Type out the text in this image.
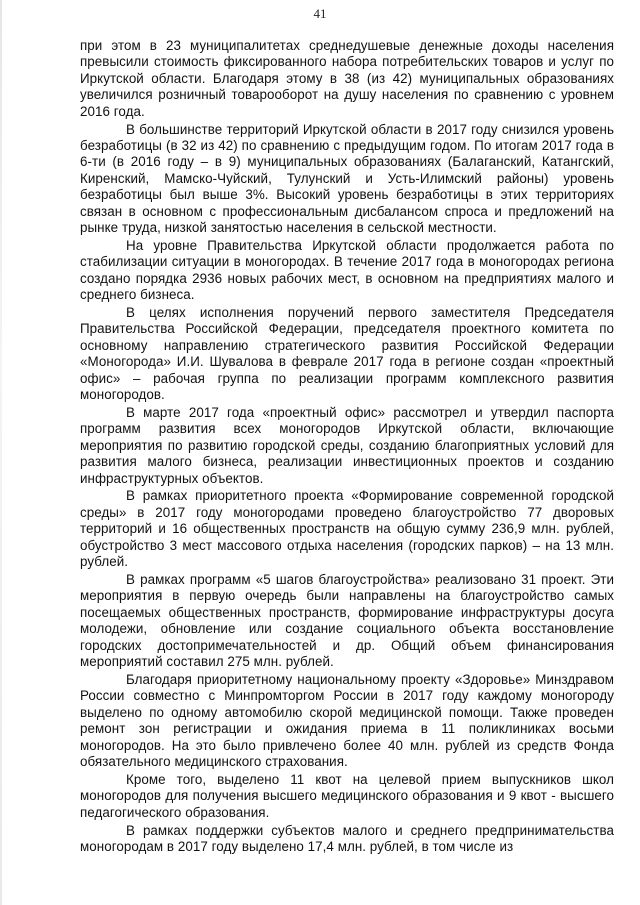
41

при этом в 23 муниципалитетах среднедушевые денежные доходы населения превысили стоимость фиксированного набора потребительских товаров и услуг по Иркутской области. Благодаря этому в 38 (из 42) муниципальных образованиях увеличился розничный товарооборот на душу населения по сравнению с уровнем 2016 года.

В большинстве территорий Иркутской области в 2017 году снизился уровень безработицы (в 32 из 42) по сравнению с предыдущим годом. По итогам 2017 года в 6-ти (в 2016 году – в 9) муниципальных образованиях (Балаганский, Катангский, Киренский, Мамско-Чуйский, Тулунский и Усть-Илимский районы) уровень безработицы был выше 3%. Высокий уровень безработицы в этих территориях связан в основном с профессиональным дисбалансом спроса и предложений на рынке труда, низкой занятостью населения в сельской местности.

На уровне Правительства Иркутской области продолжается работа по стабилизации ситуации в моногородах. В течение 2017 года в моногородах региона создано порядка 2936 новых рабочих мест, в основном на предприятиях малого и среднего бизнеса.

В целях исполнения поручений первого заместителя Председателя Правительства Российской Федерации, председателя проектного комитета по основному направлению стратегического развития Российской Федерации «Моногорода» И.И. Шувалова в феврале 2017 года в регионе создан «проектный офис» – рабочая группа по реализации программ комплексного развития моногородов.

В марте 2017 года «проектный офис» рассмотрел и утвердил паспорта программ развития всех моногородов Иркутской области, включающие мероприятия по развитию городской среды, созданию благоприятных условий для развития малого бизнеса, реализации инвестиционных проектов и созданию инфраструктурных объектов.

В рамках приоритетного проекта «Формирование современной городской среды» в 2017 году моногородами проведено благоустройство 77 дворовых территорий и 16 общественных пространств на общую сумму 236,9 млн. рублей, обустройство 3 мест массового отдыха населения (городских парков) – на 13 млн. рублей.

В рамках программ «5 шагов благоустройства» реализовано 31 проект. Эти мероприятия в первую очередь были направлены на благоустройство самых посещаемых общественных пространств, формирование инфраструктуры досуга молодежи, обновление или создание социального объекта восстановление городских достопримечательностей и др. Общий объем финансирования мероприятий составил 275 млн. рублей.

Благодаря приоритетному национальному проекту «Здоровье» Минздравом России совместно с Минпромторгом России в 2017 году каждому моногороду выделено по одному автомобилю скорой медицинской помощи. Также проведен ремонт зон регистрации и ожидания приема в 11 поликлиниках восьми моногородов. На это было привлечено более 40 млн. рублей из средств Фонда обязательного медицинского страхования.

Кроме того, выделено 11 квот на целевой прием выпускников школ моногородов для получения высшего медицинского образования и 9 квот - высшего педагогического образования.

В рамках поддержки субъектов малого и среднего предпринимательства моногородам в 2017 году выделено 17,4 млн. рублей, в том числе из
